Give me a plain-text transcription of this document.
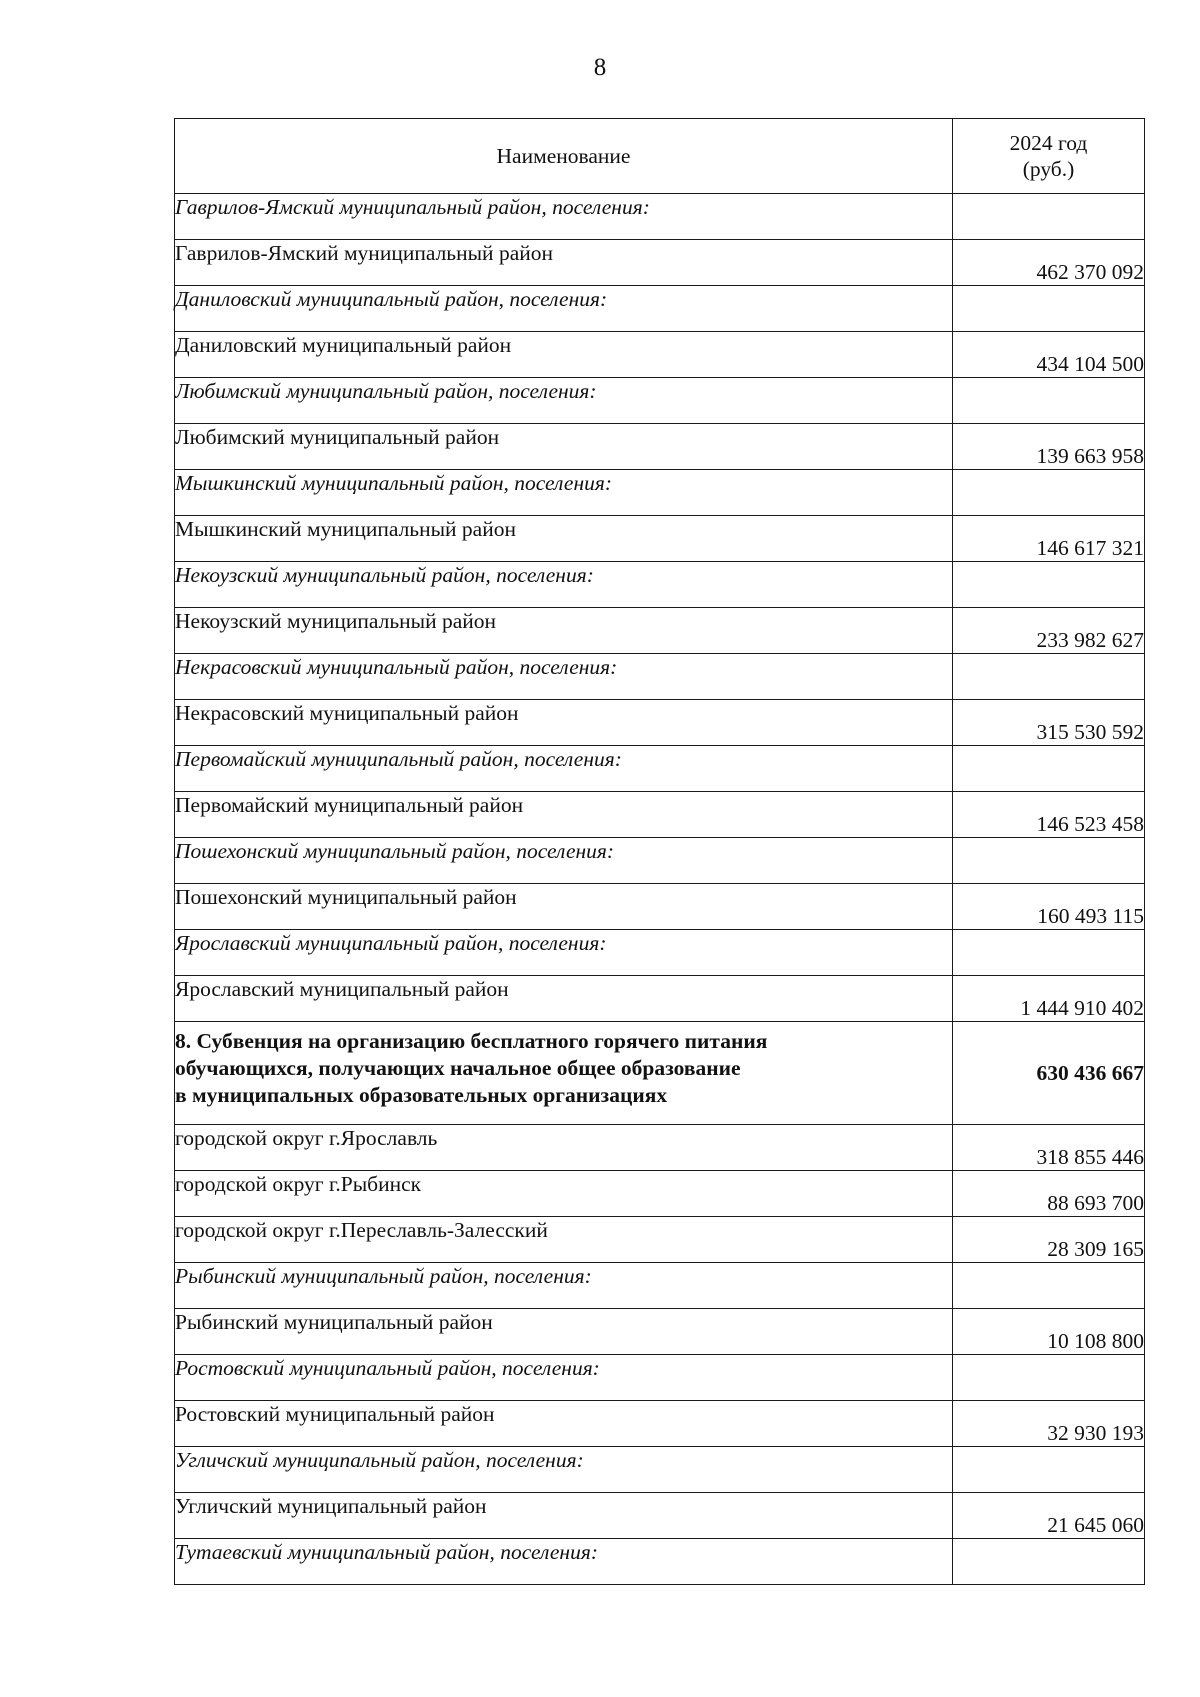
8
Наименование	2024 год
(руб.)

Гаврилов-Ямский муниципальный район, поселения:	
Гаврилов-Ямский муниципальный район	462 370 092
Даниловский муниципальный район, поселения:	
Даниловский муниципальный район	434 104 500
Любимский муниципальный район, поселения:	
Любимский муниципальный район	139 663 958
Мышкинский муниципальный район, поселения:	
Мышкинский муниципальный район	146 617 321
Некоузский муниципальный район, поселения:	
Некоузский муниципальный район	233 982 627
Некрасовский муниципальный район, поселения:	
Некрасовский муниципальный район	315 530 592
Первомайский муниципальный район, поселения:	
Первомайский муниципальный район	146 523 458
Пошехонский муниципальный район, поселения:	
Пошехонский муниципальный район	160 493 115
Ярославский муниципальный район, поселения:	
Ярославский муниципальный район	1 444 910 402

8. Субвенция на организацию бесплатного горячего питания
обучающихся, получающих начальное общее образование
в муниципальных образовательных организациях	630 436 667
городской округ г.Ярославль	318 855 446
городской округ г.Рыбинск	88 693 700
городской округ г.Переславль-Залесский	28 309 165
Рыбинский муниципальный район, поселения:	
Рыбинский муниципальный район	10 108 800
Ростовский муниципальный район, поселения:	
Ростовский муниципальный район	32 930 193
Угличский муниципальный район, поселения:	
Угличский муниципальный район	21 645 060
Тутаевский муниципальный район, поселения:	
